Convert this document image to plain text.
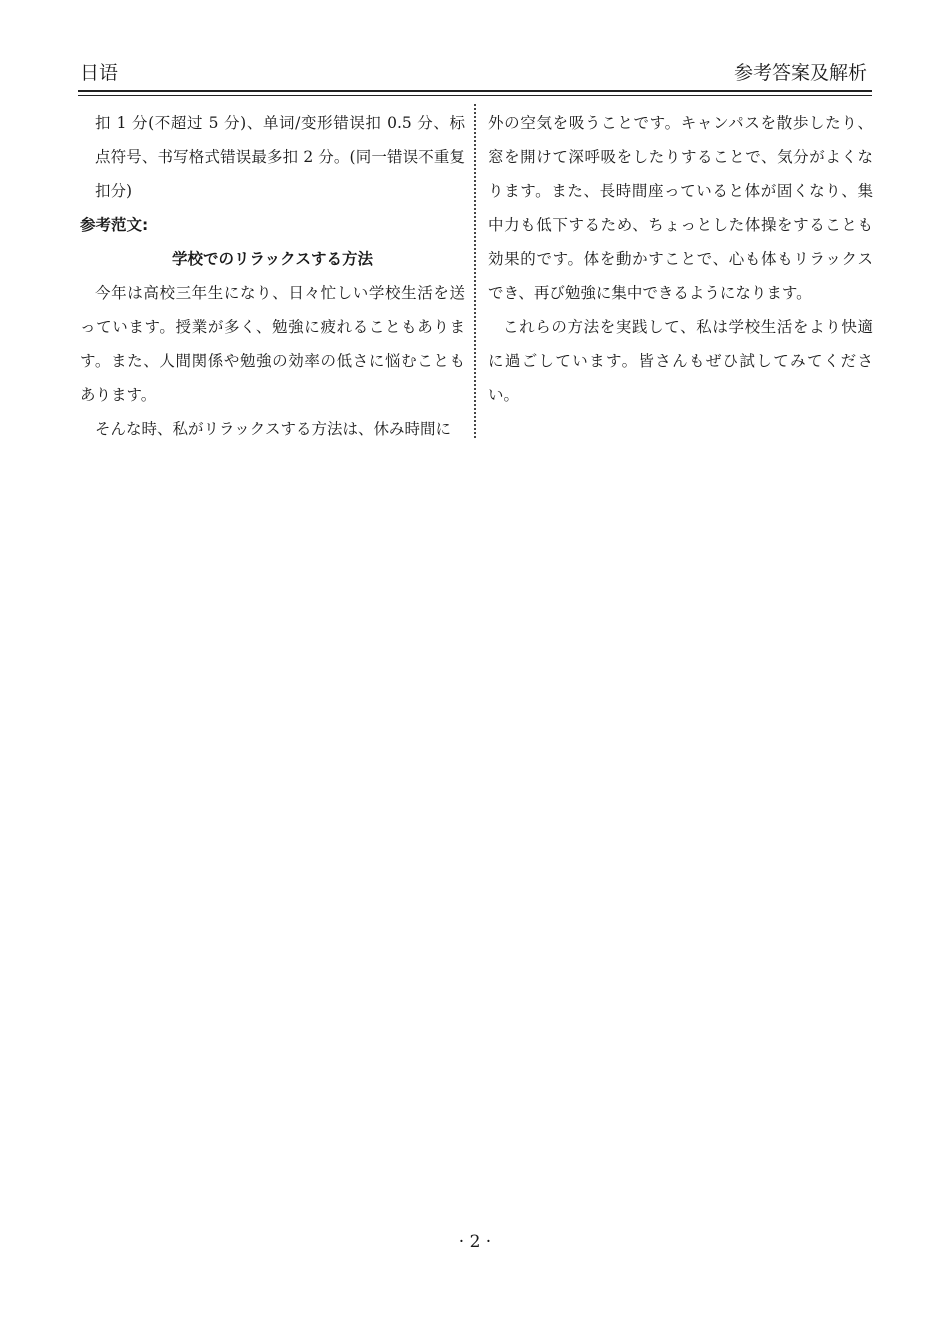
日语	参考答案及解析

扣 1 分(不超过 5 分)、单词/变形错误扣 0.5 分、标点符号、书写格式错误最多扣 2 分。(同一错误不重复扣分)

参考范文:

学校でのリラックスする方法

今年は高校三年生になり、日々忙しい学校生活を送っています。授業が多く、勉強に疲れることもあります。また、人間関係や勉強の効率の低さに悩むこともあります。

そんな時、私がリラックスする方法は、休み時間に

外の空気を吸うことです。キャンパスを散歩したり、窓を開けて深呼吸をしたりすることで、気分がよくなります。また、長時間座っていると体が固くなり、集中力も低下するため、ちょっとした体操をすることも効果的です。体を動かすことで、心も体もリラックスでき、再び勉強に集中できるようになります。

これらの方法を実践して、私は学校生活をより快適に過ごしています。皆さんもぜひ試してみてください。

· 2 ·
